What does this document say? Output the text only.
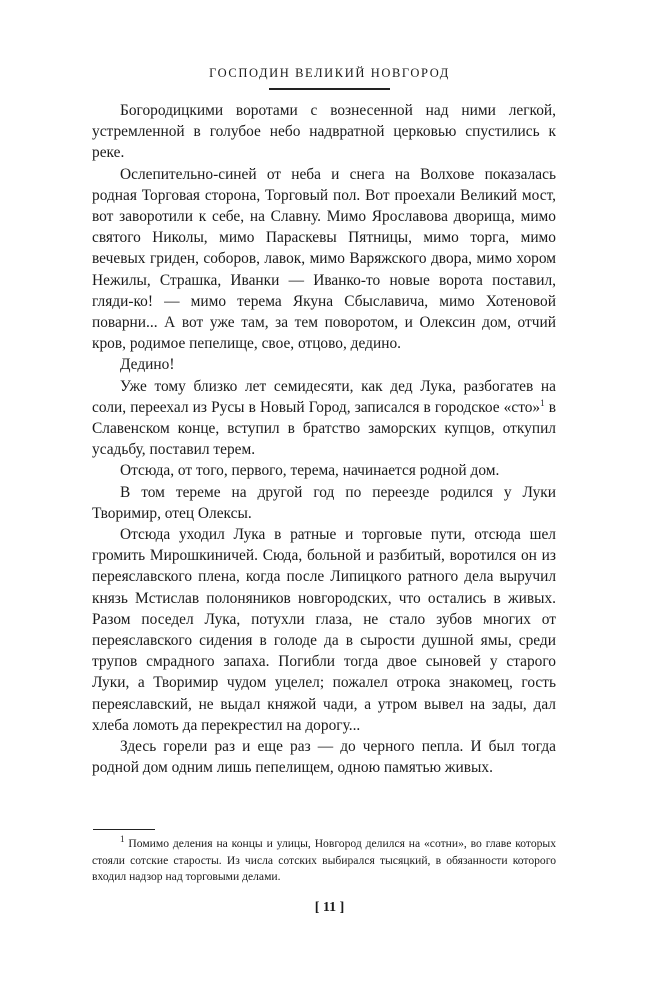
ГОСПОДИН ВЕЛИКИЙ НОВГОРОД

Богородицкими воротами с вознесенной над ними легкой, устремленной в голубое небо надвратной церковью спустились к реке.

Ослепительно-синей от неба и снега на Волхове показалась родная Торговая сторона, Торговый пол. Вот проехали Великий мост, вот заворотили к себе, на Славну. Мимо Ярославова дворища, мимо святого Николы, мимо Параскевы Пятницы, мимо торга, мимо вечевых гриден, соборов, лавок, мимо Варяжского двора, мимо хором Нежилы, Страшка, Иванки — Иванко-то новые ворота поставил, гляди-ко! — мимо терема Якуна Сбыславича, мимо Хотеновой поварни... А вот уже там, за тем поворотом, и Олексин дом, отчий кров, родимое пепелище, свое, отцово, дедино.

Дедино!

Уже тому близко лет семидесяти, как дед Лука, разбогатев на соли, переехал из Русы в Новый Город, записался в городское «сто»$^1$ в Славенском конце, вступил в братство заморских купцов, откупил усадьбу, поставил терем.

Отсюда, от того, первого, терема, начинается родной дом.

В том тереме на другой год по переезде родился у Луки Творимир, отец Олексы.

Отсюда уходил Лука в ратные и торговые пути, отсюда шел громить Мирошкиничей. Сюда, больной и разбитый, воротился он из переяславского плена, когда после Липицкого ратного дела выручил князь Мстислав полоняников новгородских, что остались в живых. Разом поседел Лука, потухли глаза, не стало зубов многих от переяславского сидения в голоде да в сырости душной ямы, среди трупов смрадного запаха. Погибли тогда двое сыновей у старого Луки, а Творимир чудом уцелел; пожалел отрока знакомец, гость переяславский, не выдал княжой чади, а утром вывел на зады, дал хлеба ломоть да перекрестил на дорогу...

Здесь горели раз и еще раз — до черного пепла. И был тогда родной дом одним лишь пепелищем, одною памятью живых.

$^1$ Помимо деления на концы и улицы, Новгород делился на «сотни», во главе которых стояли сотские старосты. Из числа сотских выбирался тысяцкий, в обязанности которого входил надзор над торговыми делами.
[ 11 ]
